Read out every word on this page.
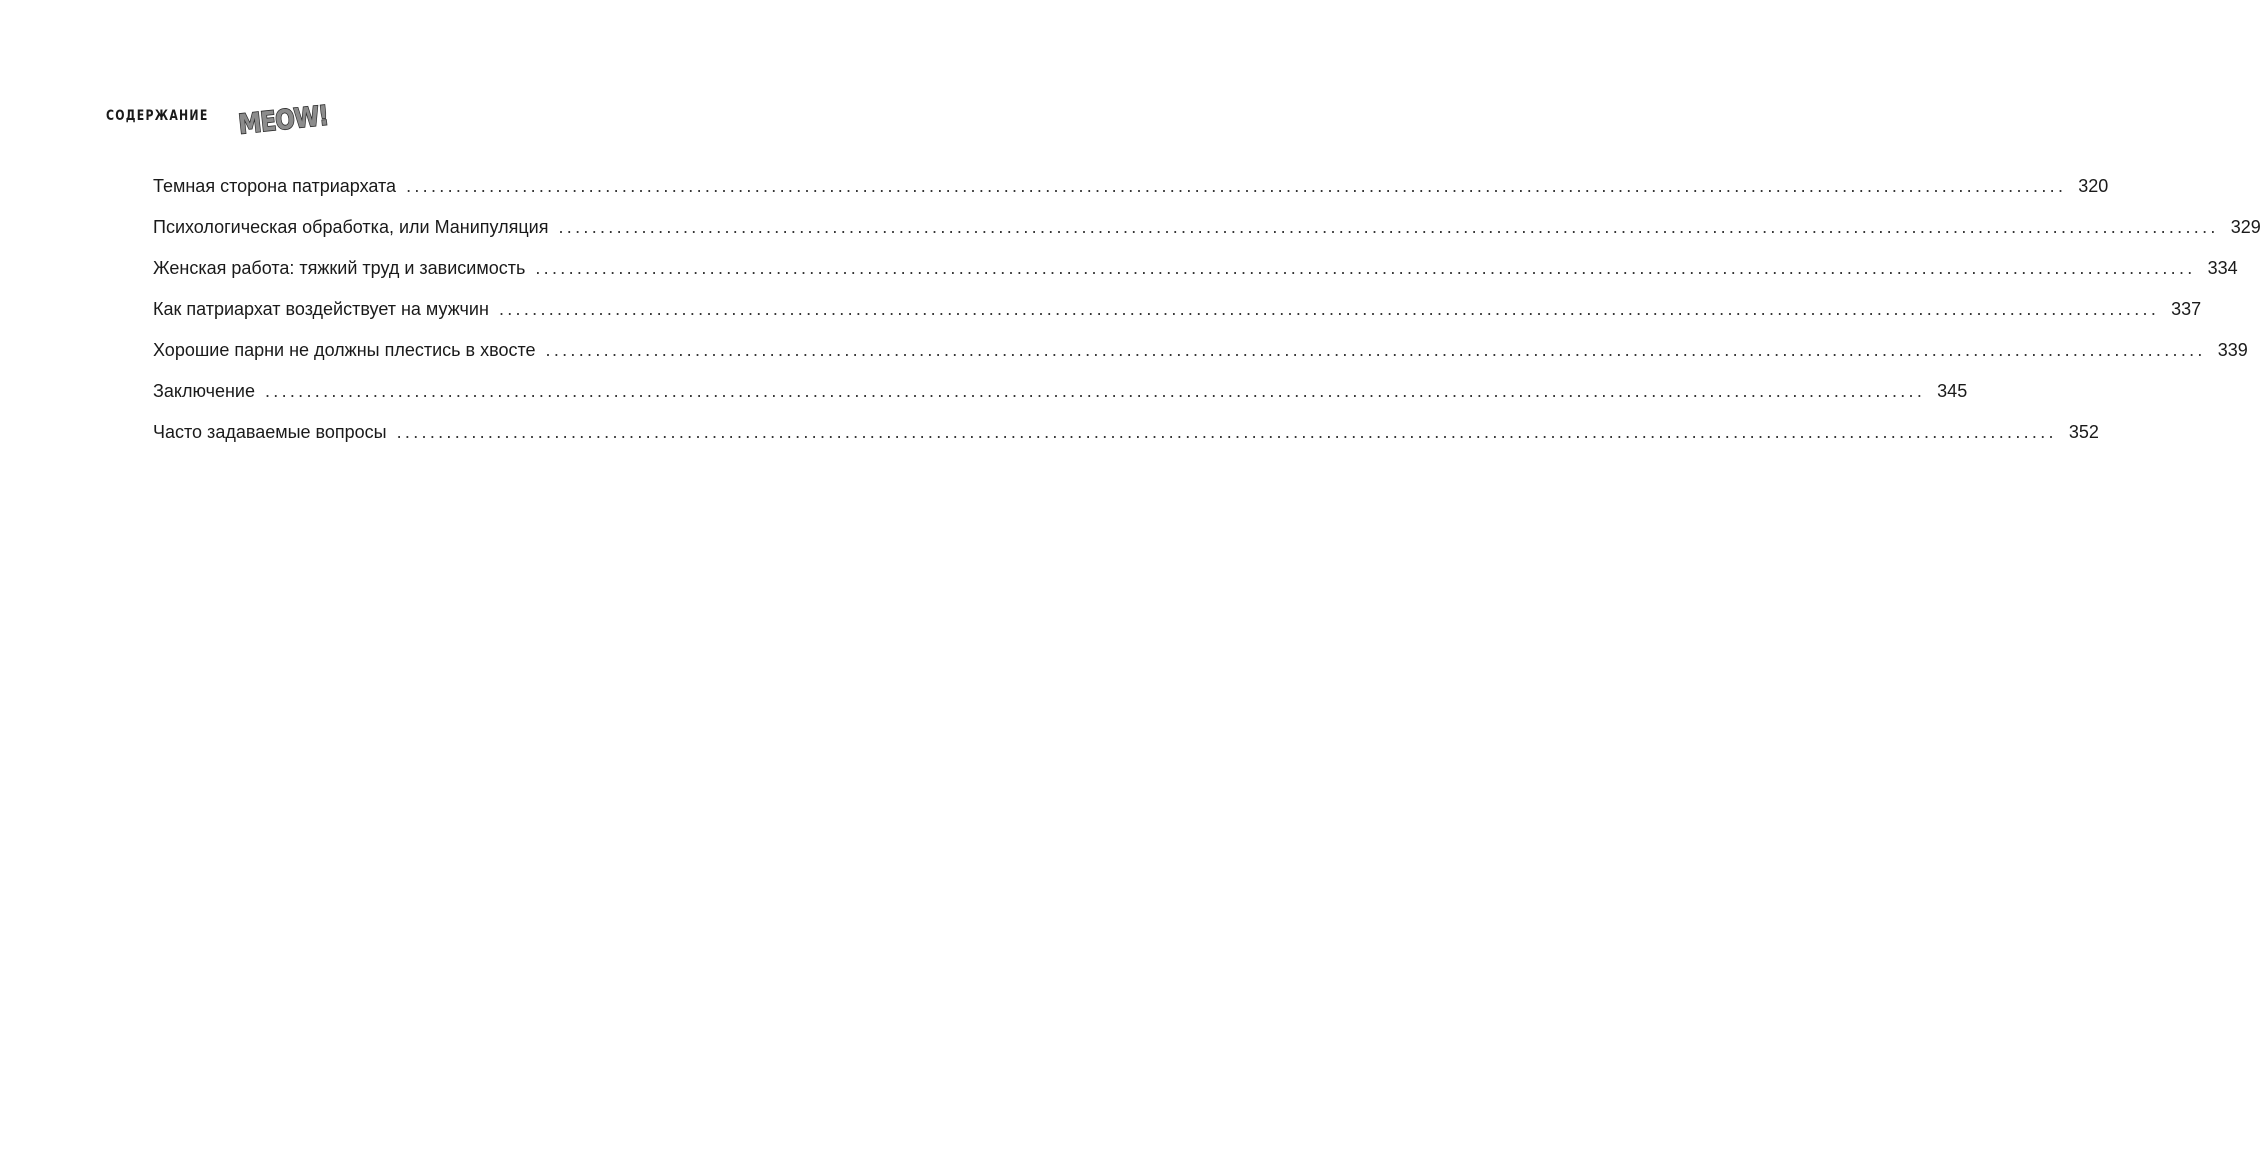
СОДЕРЖАНИЕ MEOW!
Темная сторона патриархата ........................................................................................................................................................................................................ 320
Психологическая обработка, или Манипуляция ........................................................................................................................................................................................................ 329
Женская работа: тяжкий труд и зависимость ........................................................................................................................................................................................................ 334
Как патриархат воздействует на мужчин ........................................................................................................................................................................................................ 337
Хорошие парни не должны плестись в хвосте ........................................................................................................................................................................................................ 339
Заключение ........................................................................................................................................................................................................ 345
Часто задаваемые вопросы ........................................................................................................................................................................................................ 352
